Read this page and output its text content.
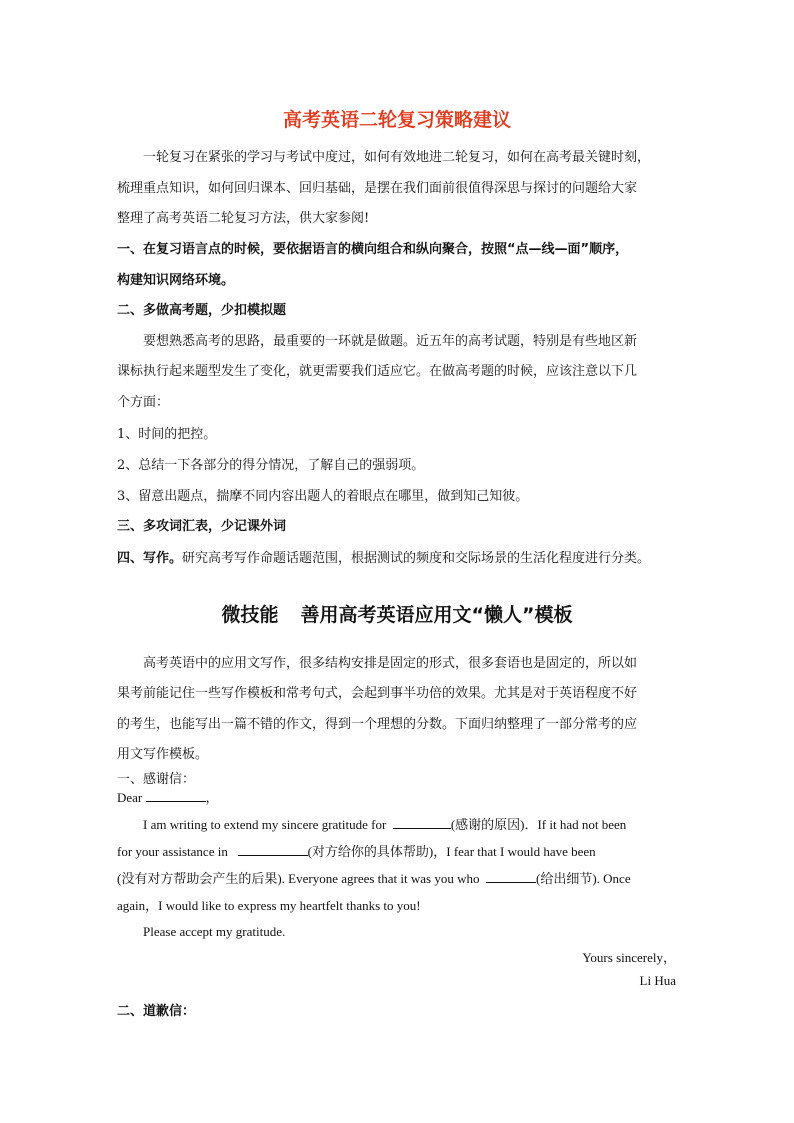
高考英语二轮复习策略建议

一轮复习在紧张的学习与考试中度过，如何有效地进二轮复习，如何在高考最关键时刻，

梳理重点知识，如何回归课本、回归基础，是摆在我们面前很值得深思与探讨的问题给大家

整理了高考英语二轮复习方法，供大家参阅!

一、在复习语言点的时候，要依据语言的横向组合和纵向聚合，按照“点—线—面”顺序，

构建知识网络环境。

二、多做高考题，少扣模拟题

要想熟悉高考的思路，最重要的一环就是做题。近五年的高考试题，特别是有些地区新

课标执行起来题型发生了变化，就更需要我们适应它。在做高考题的时候，应该注意以下几

个方面：

1、时间的把控。

2、总结一下各部分的得分情况，了解自己的强弱项。

3、留意出题点，揣摩不同内容出题人的着眼点在哪里，做到知己知彼。

三、多攻词汇表，少记课外词

四、写作。研究高考写作命题话题范围，根据测试的频度和交际场景的生活化程度进行分类。

微技能 善用高考英语应用文“懒人”模板

高考英语中的应用文写作，很多结构安排是固定的形式，很多套语也是固定的，所以如

果考前能记住一些写作模板和常考句式，会起到事半功倍的效果。尤其是对于英语程度不好

的考生，也能写出一篇不错的作文，得到一个理想的分数。下面归纳整理了一部分常考的应

用文写作模板。

一、感谢信：

Dear	，

I am writing to extend my sincere gratitude for	(感谢的原因)．If it had not been

for your assistance in	(对方给你的具体帮助)，I fear that I would have been

(没有对方帮助会产生的后果). Everyone agrees that it was you who	(给出细节). Once

again，I would like to express my heartfelt thanks to you!

Please accept my gratitude.

Yours sincerely，
Li Hua

二、道歉信：
